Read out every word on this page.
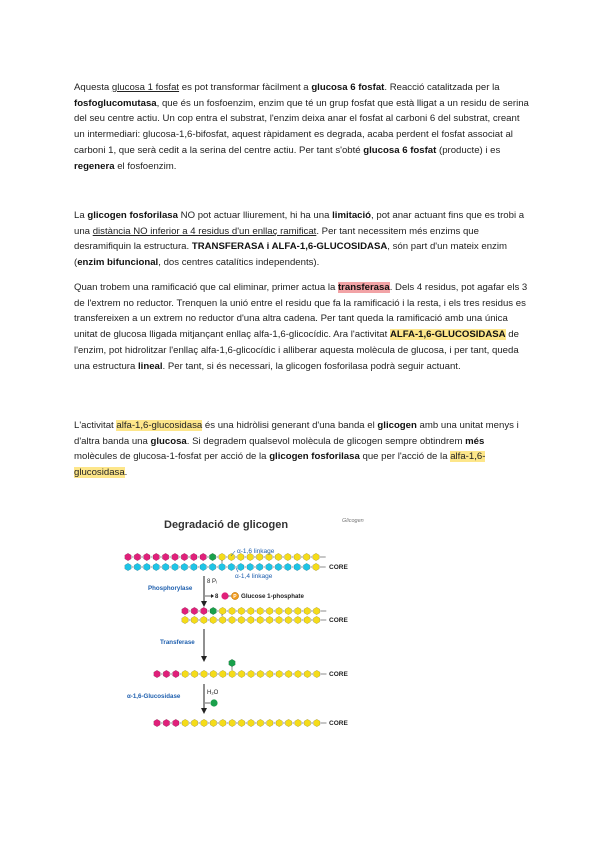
Aquesta glucosa 1 fosfat es pot transformar fàcilment a glucosa 6 fosfat. Reacció catalitzada per la fosfoglucomutasa, que és un fosfoenzim, enzim que té un grup fosfat que està lligat a un residu de serina del seu centre actiu. Un cop entra el substrat, l'enzim deixa anar el fosfat al carboni 6 del substrat, creant un intermediari: glucosa-1,6-bifosfat, aquest ràpidament es degrada, acaba perdent el fosfat associat al carboni 1, que serà cedit a la serina del centre actiu. Per tant s'obté glucosa 6 fosfat (producte) i es regenera el fosfoenzim.

La glicogen fosforilasa NO pot actuar lliurement, hi ha una limitació, pot anar actuant fins que es trobi a una distància NO inferior a 4 residus d'un enllaç ramificat. Per tant necessitem més enzims que desramifiquin la estructura. TRANSFERASA i ALFA-1,6-GLUCOSIDASA, són part d'un mateix enzim (enzim bifuncional, dos centres catalítics independents).

Quan trobem una ramificació que cal eliminar, primer actua la transferasa. Dels 4 residus, pot agafar els 3 de l'extrem no reductor. Trenquen la unió entre el residu que fa la ramificació i la resta, i els tres residus es transfereixen a un extrem no reductor d'una altra cadena. Per tant queda la ramificació amb una única unitat de glucosa lligada mitjançant enllaç alfa-1,6-glicocídic. Ara l'activitat ALFA-1,6-GLUCOSIDASA de l'enzim, pot hidrolitzar l'enllaç alfa-1,6-glicocídic i alliberar aquesta molècula de glucosa, i per tant, queda una estructura lineal. Per tant, si és necessari, la glicogen fosforilasa podrà seguir actuant.

L'activitat alfa-1,6-glucosidasa és una hidròlisi generant d'una banda el glicogen amb una unitat menys i d'altra banda una glucosa. Si degradem qualsevol molècula de glicogen sempre obtindrem més molècules de glucosa-1-fosfat per acció de la glicogen fosforilasa que per l'acció de la alfa-1,6-glucosidasa.

Degradació de glicogen	Glicogen
α-1,6 linkage
α-1,4 linkage
CORE
Phosphorylase
8 Pᵢ
8	P Glucose 1-phosphate
CORE
Transferase
CORE
α-1,6-Glucosidase	H₂O
CORE
